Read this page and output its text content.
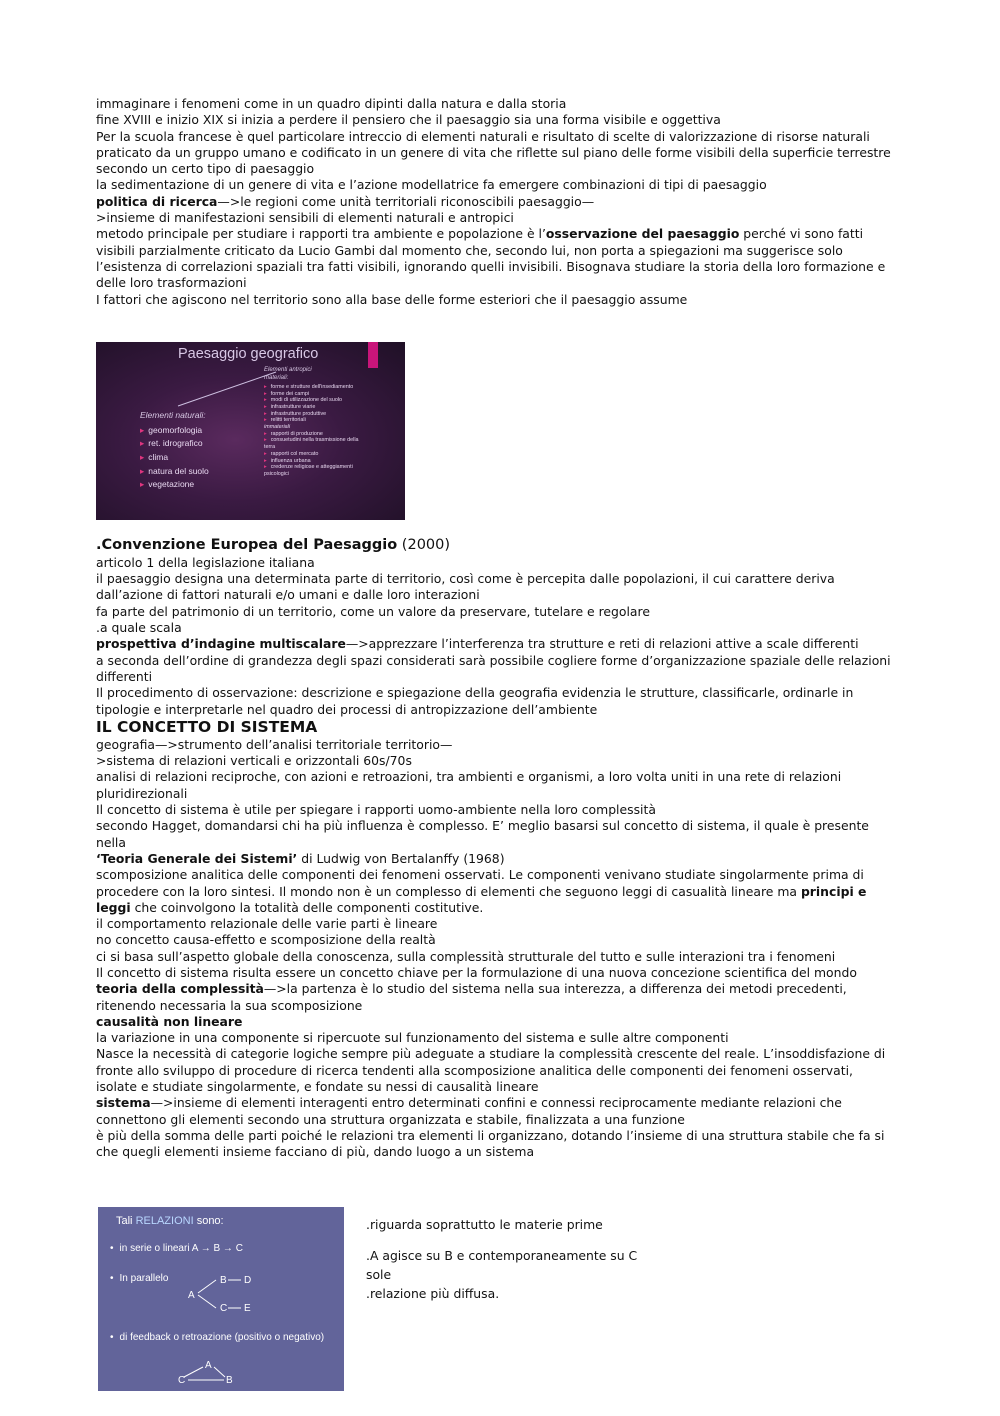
immaginare i fenomeni come in un quadro dipinti dalla natura e dalla storia

fine XVIII e inizio XIX si inizia a perdere il pensiero che il paesaggio sia una forma visibile e oggettiva

Per la scuola francese è quel particolare intreccio di elementi naturali e risultato di scelte di valorizzazione di risorse naturali praticato da un gruppo umano e codificato in un genere di vita che riflette sul piano delle forme visibili della superficie terrestre secondo un certo tipo di paesaggio

la sedimentazione di un genere di vita e l’azione modellatrice fa emergere combinazioni di tipi di paesaggio

politica di ricerca—>le regioni come unità territoriali riconoscibili paesaggio—

>insieme di manifestazioni sensibili di elementi naturali e antropici

metodo principale per studiare i rapporti tra ambiente e popolazione è l’osservazione del paesaggio perché vi sono fatti visibili parzialmente criticato da Lucio Gambi dal momento che, secondo lui, non porta a spiegazioni ma suggerisce solo l’esistenza di correlazioni spaziali tra fatti visibili, ignorando quelli invisibili. Bisognava studiare la storia della loro formazione e delle loro trasformazioni

I fattori che agiscono nel territorio sono alla base delle forme esteriori che il paesaggio assume

Paesaggio geografico
Elementi naturali:
▸ geomorfologia
▸ ret. idrografico
▸ clima
▸ natura del suolo
▸ vegetazione
Elementi antropici materiali:
▸ forme e strutture dell'insediamento
▸ forme dei campi
▸ modi di utilizzazione del suolo
▸ infrastrutture viarie
▸ infrastrutture produttive
▸ relitti territoriali
immateriali
▸ rapporti di produzione
▸ consuetudini nella trasmissione della terra
▸ rapporti col mercato
▸ influenza urbana
▸ credenze religiose e atteggiamenti psicologici

.Convenzione Europea del Paesaggio (2000)

articolo 1 della legislazione italiana

il paesaggio designa una determinata parte di territorio, così come è percepita dalle popolazioni, il cui carattere deriva dall’azione di fattori naturali e/o umani e dalle loro interazioni

fa parte del patrimonio di un territorio, come un valore da preservare, tutelare e regolare

.a quale scala

prospettiva d’indagine multiscalare—>apprezzare l’interferenza tra strutture e reti di relazioni attive a scale differenti

a seconda dell’ordine di grandezza degli spazi considerati sarà possibile cogliere forme d’organizzazione spaziale delle relazioni differenti

Il procedimento di osservazione: descrizione e spiegazione della geografia evidenzia le strutture, classificarle, ordinarle in tipologie e interpretarle nel quadro dei processi di antropizzazione dell’ambiente

IL CONCETTO DI SISTEMA

geografia—>strumento dell’analisi territoriale territorio—

>sistema di relazioni verticali e orizzontali 60s/70s

analisi di relazioni reciproche, con azioni e retroazioni, tra ambienti e organismi, a loro volta uniti in una rete di relazioni pluridirezionali

Il concetto di sistema è utile per spiegare i rapporti uomo-ambiente nella loro complessità

secondo Hagget, domandarsi chi ha più influenza è complesso. E’ meglio basarsi sul concetto di sistema, il quale è presente nella

‘Teoria Generale dei Sistemi’ di Ludwig von Bertalanffy (1968)

scomposizione analitica delle componenti dei fenomeni osservati. Le componenti venivano studiate singolarmente prima di procedere con la loro sintesi. Il mondo non è un complesso di elementi che seguono leggi di casualità lineare ma principi e leggi che coinvolgono la totalità delle componenti costitutive.

il comportamento relazionale delle varie parti è lineare

no concetto causa-effetto e scomposizione della realtà

ci si basa sull’aspetto globale della conoscenza, sulla complessità strutturale del tutto e sulle interazioni tra i fenomeni

Il concetto di sistema risulta essere un concetto chiave per la formulazione di una nuova concezione scientifica del mondo

teoria della complessità—>la partenza è lo studio del sistema nella sua interezza, a differenza dei metodi precedenti, ritenendo necessaria la sua scomposizione

causalità non lineare

la variazione in una componente si ripercuote sul funzionamento del sistema e sulle altre componenti

Nasce la necessità di categorie logiche sempre più adeguate a studiare la complessità crescente del reale. L’insoddisfazione di fronte allo sviluppo di procedure di ricerca tendenti alla scomposizione analitica delle componenti dei fenomeni osservati, isolate e studiate singolarmente, e fondate su nessi di causalità lineare

sistema—>insieme di elementi interagenti entro determinati confini e connessi reciprocamente mediante relazioni che connettono gli elementi secondo una struttura organizzata e stabile, finalizzata a una funzione

è più della somma delle parti poiché le relazioni tra elementi li organizzano, dotando l’insieme di una struttura stabile che fa si che quegli elementi insieme facciano di più, dando luogo a un sistema

Tali RELAZIONI sono:
• in serie o lineari A → B → C
• In parallelo
• di feedback o retroazione (positivo o negativo)
A
B D
C E
A
C	B

.riguarda soprattutto le materie prime

.A agisce su B e contemporaneamente su C

sole

.relazione più diffusa.
